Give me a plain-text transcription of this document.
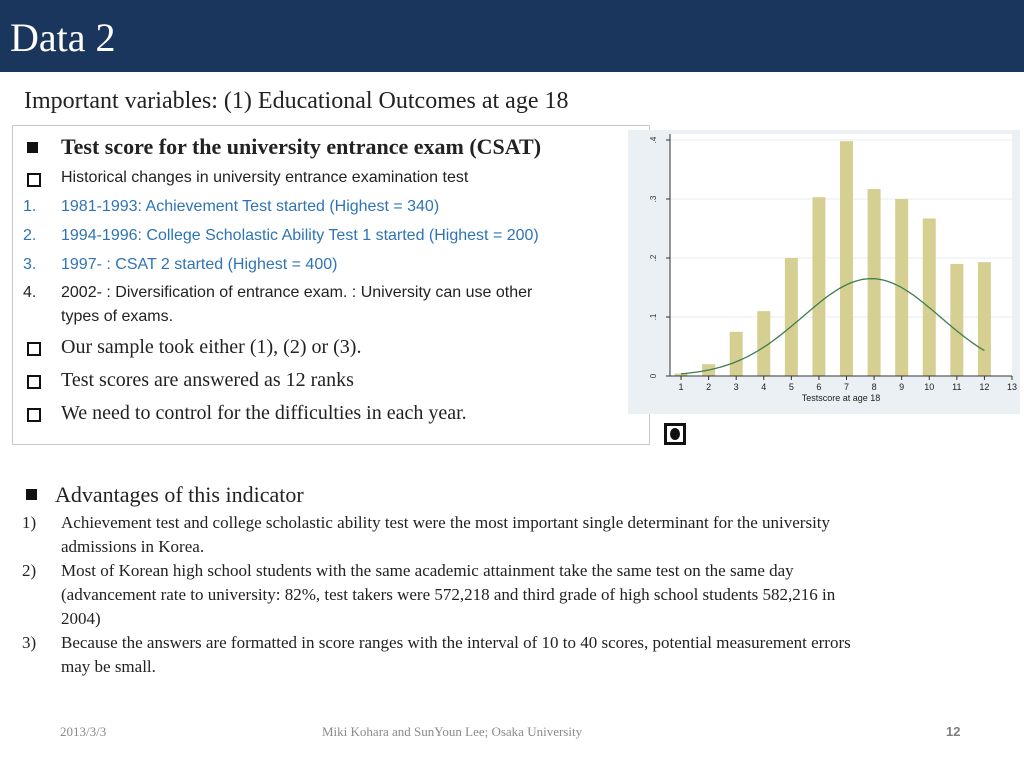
Data 2
Important variables: (1) Educational Outcomes at age 18
Test score for the university entrance exam (CSAT)
Historical changes in university entrance examination test
1. 1981-1993: Achievement Test started (Highest = 340)
2. 1994-1996: College Scholastic Ability Test 1 started (Highest = 200)
3. 1997- : CSAT 2 started (Highest = 400)
4. 2002- : Diversification of entrance exam. : University can use other
types of exams.
Our sample took either (1), (2) or (3).
Test scores are answered as 12 ranks
We need to control for the difficulties in each year.
0
.1
.2
.3
.4
1	2	3	4	5	6	7	8	9 10 11 12 13
Testscore at age 18
Advantages of this indicator
1) Achievement test and college scholastic ability test were the most important single determinant for the university
admissions in Korea.
2) Most of Korean high school students with the same academic attainment take the same test on the same day
(advancement rate to university: 82%, test takers were 572,218 and third grade of high school students 582,216 in
2004)
3) Because the answers are formatted in score ranges with the interval of 10 to 40 scores, potential measurement errors
may be small.
2013/3/3	Miki Kohara and SunYoun Lee; Osaka University	12
